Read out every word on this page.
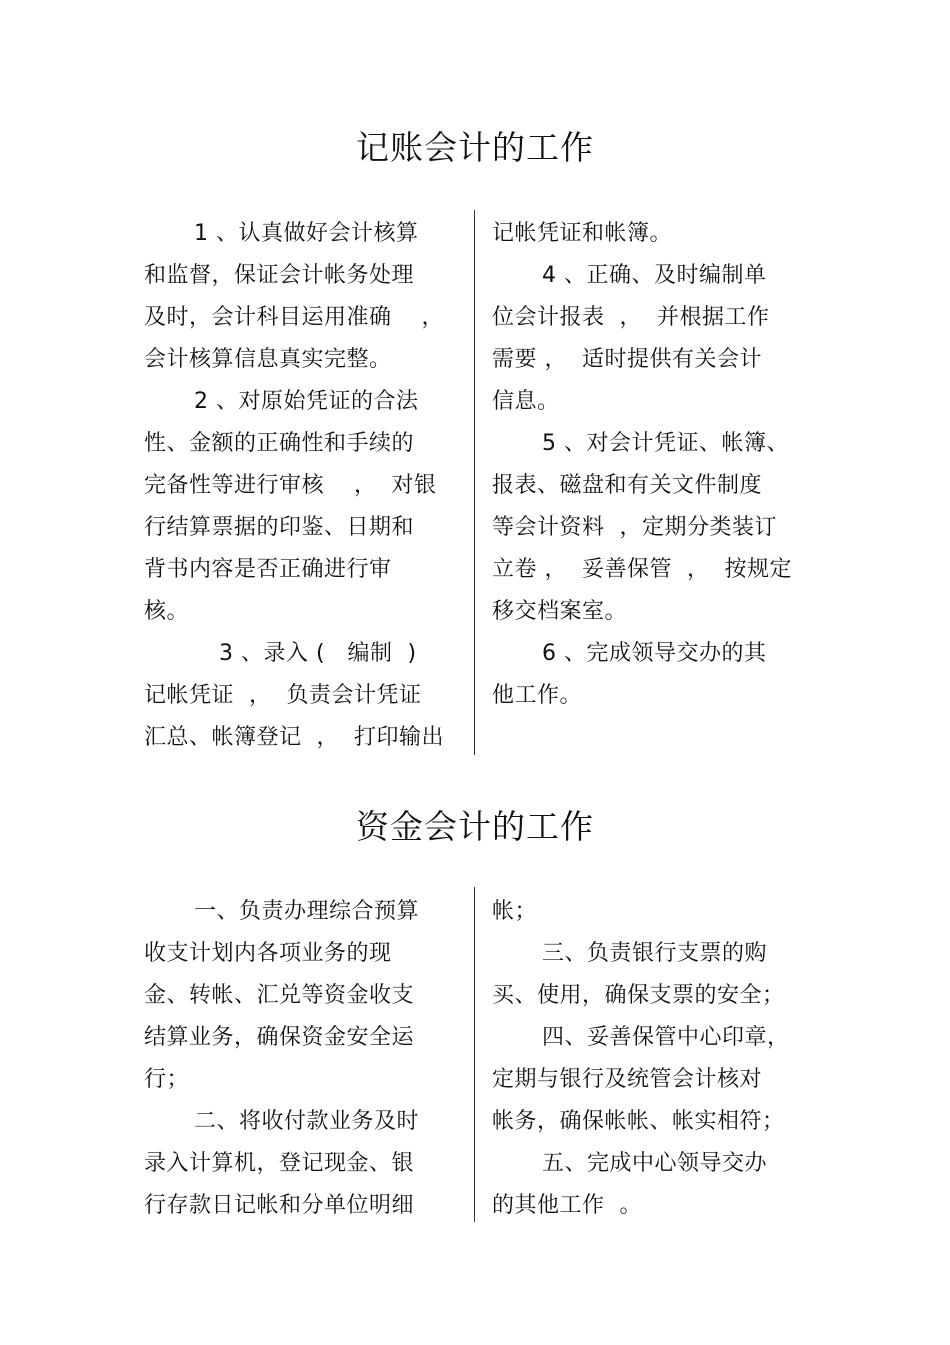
记账会计的工作
1 、认真做好会计核算
和监督，保证会计帐务处理
及时，会计科目运用准确    ，
会计核算信息真实完整。
2 、对原始凭证的合法
性、金额的正确性和手续的
完备性等进行审核    ，  对银
行结算票据的印鉴、日期和
背书内容是否正确进行审
核。
3 、录入 (   编制  )
记帐凭证  ，  负责会计凭证
汇总、帐簿登记  ，  打印输出
记帐凭证和帐簿。
4 、正确、及时编制单
位会计报表  ，  并根据工作
需要 ，  适时提供有关会计
信息。
5 、对会计凭证、帐簿、
报表、磁盘和有关文件制度
等会计资料  ，定期分类装订
立卷 ，  妥善保管  ，  按规定
移交档案室。
6 、完成领导交办的其
他工作。
资金会计的工作
一、负责办理综合预算
收支计划内各项业务的现
金、转帐、汇兑等资金收支
结算业务，确保资金安全运
行；
二、将收付款业务及时
录入计算机，登记现金、银
行存款日记帐和分单位明细
帐；
三、负责银行支票的购
买、使用，确保支票的安全；
四、妥善保管中心印章，
定期与银行及统管会计核对
帐务，确保帐帐、帐实相符；
五、完成中心领导交办
的其他工作  。
